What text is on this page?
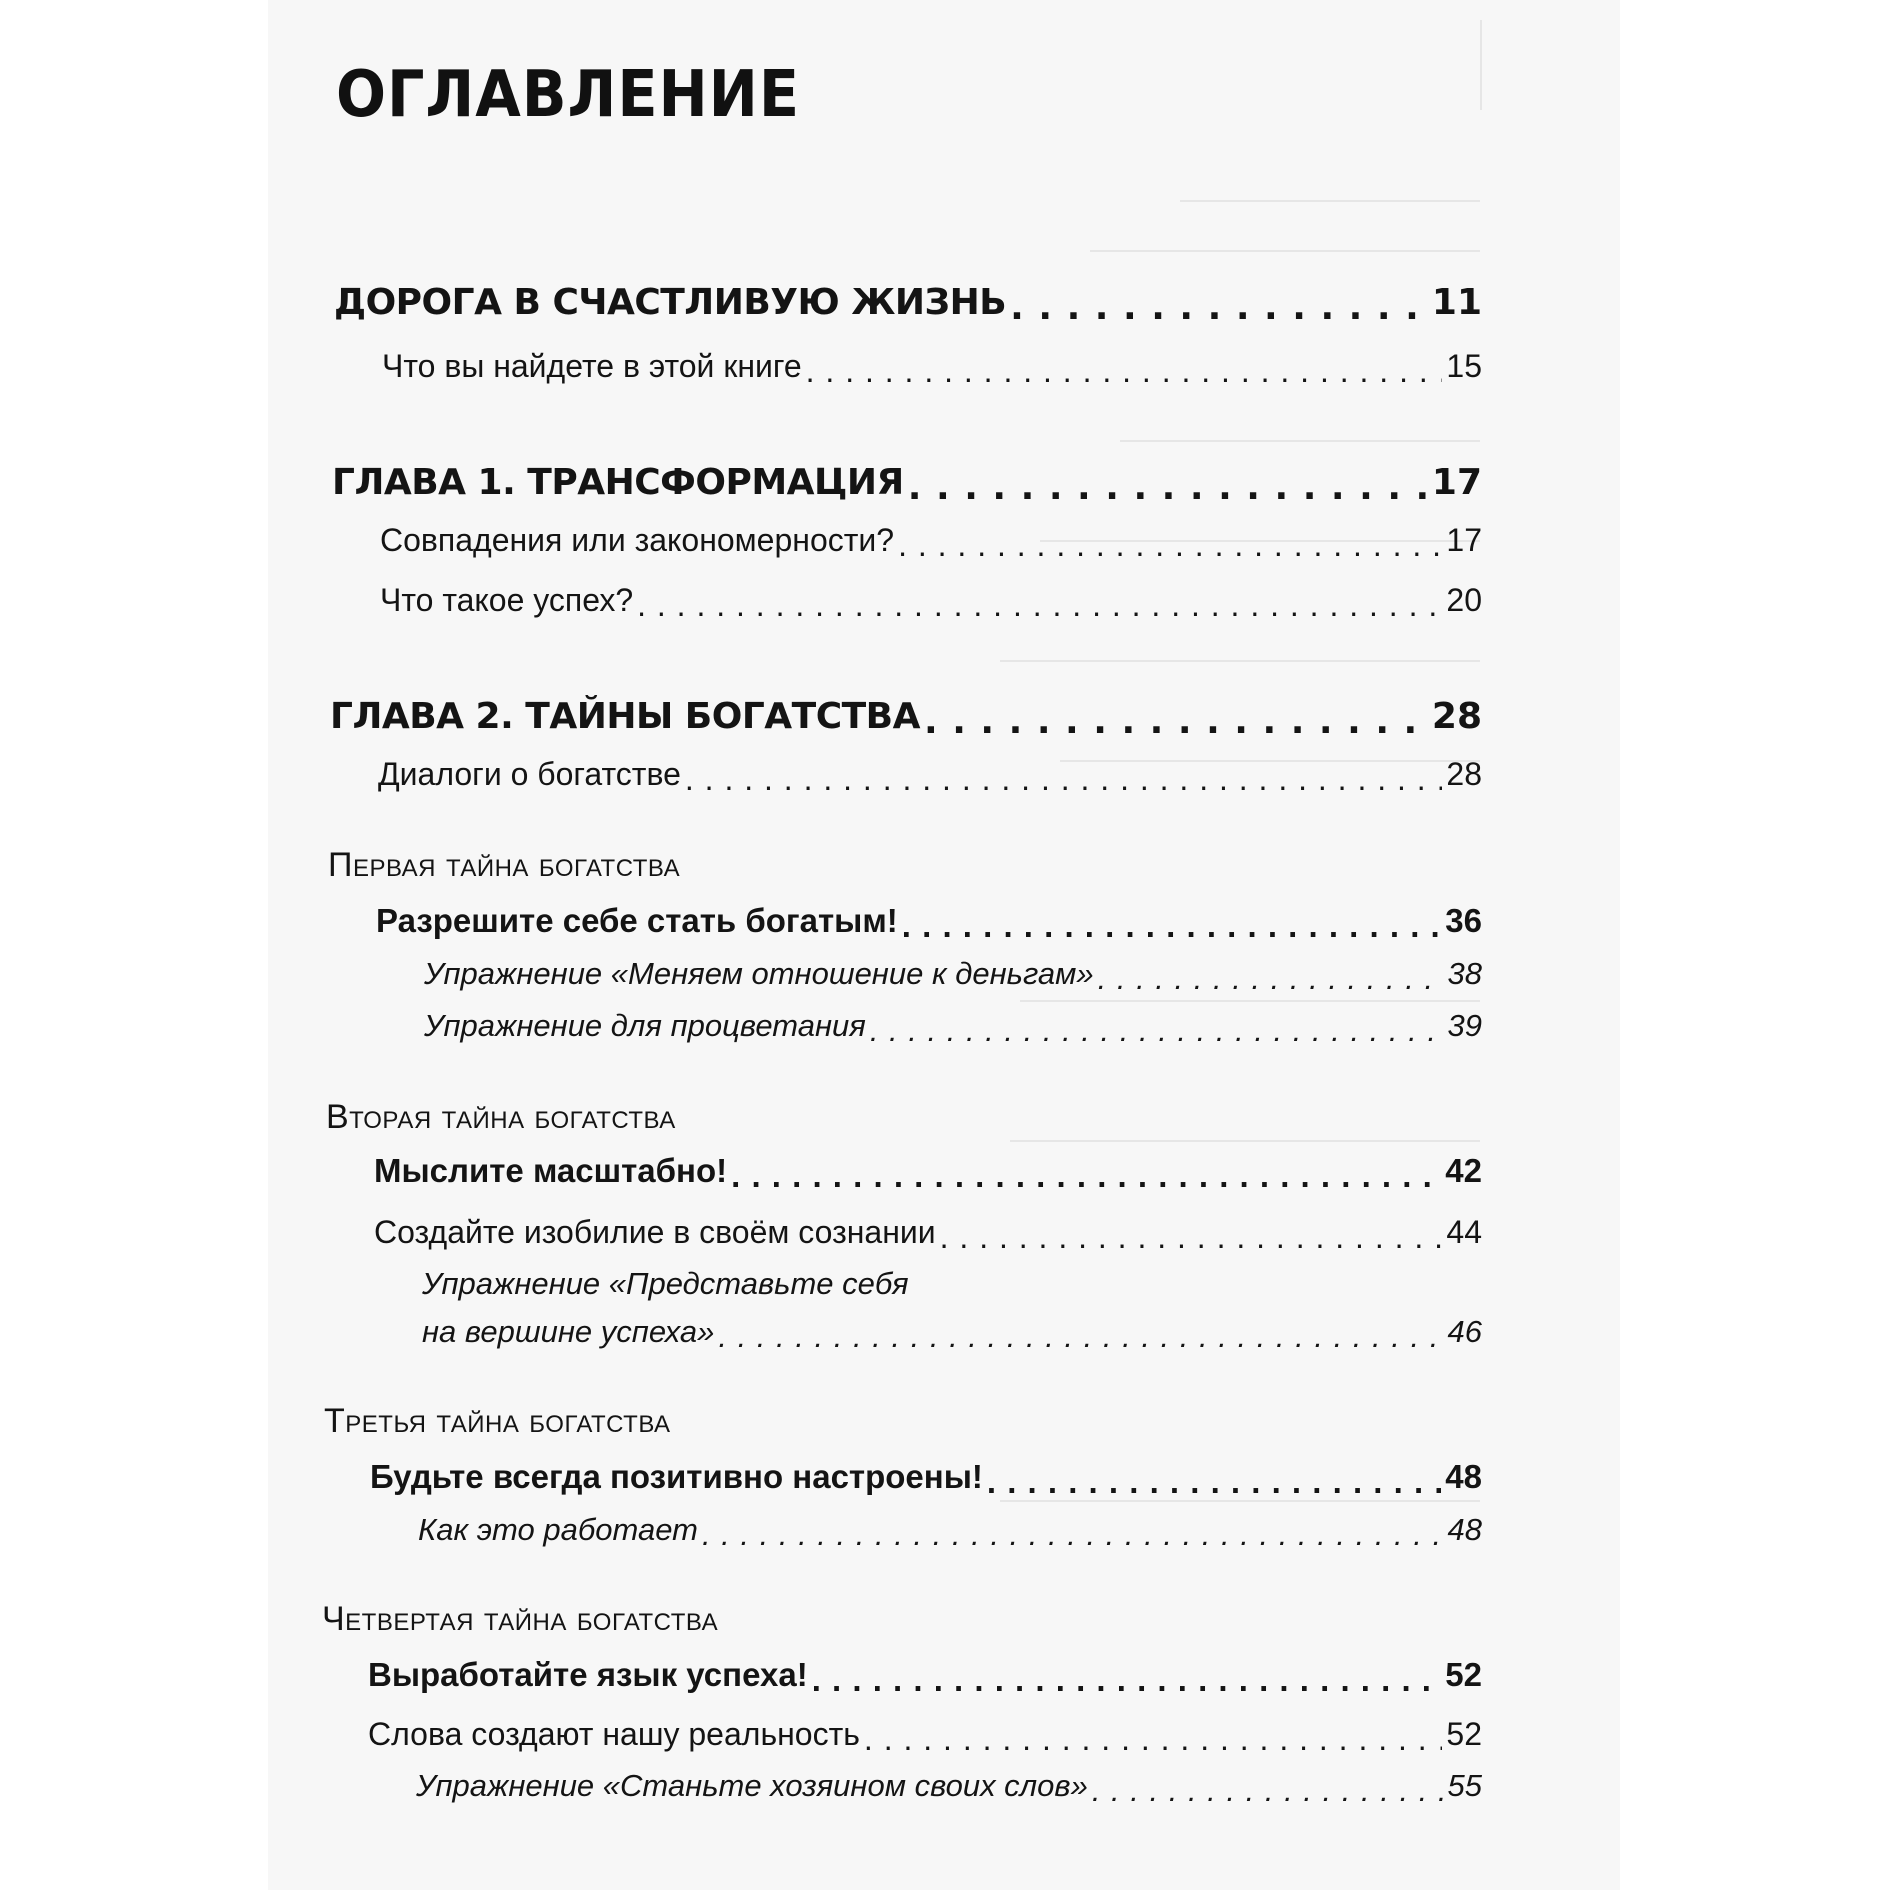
ОГЛАВЛЕНИЕ
ДОРОГА В СЧАСТЛИВУЮ ЖИЗНЬ . . .	11
Что вы найдете в этой книге . . .	15
ГЛАВА 1. ТРАНСФОРМАЦИЯ . . .	17
Совпадения или закономерности? . . .	17
Что такое успех? . . .	20
ГЛАВА 2. ТАЙНЫ БОГАТСТВА . . .	28
Диалоги о богатстве . . .	28
Первая тайна богатства
Разрешите себе стать богатым! . . .	36
Упражнение «Меняем отношение к деньгам» . . .	38
Упражнение для процветания . . .	39
Вторая тайна богатства
Мыслите масштабно! . . .	42
Создайте изобилие в своём сознании . . .	44
Упражнение «Представьте себя
на вершине успеха» . . .	46
Третья тайна богатства
Будьте всегда позитивно настроены! . . .	48
Как это работает . . .	48
Четвертая тайна богатства
Выработайте язык успеха! . . .	52
Слова создают нашу реальность . . .	52
Упражнение «Станьте хозяином своих слов» . . .	55
